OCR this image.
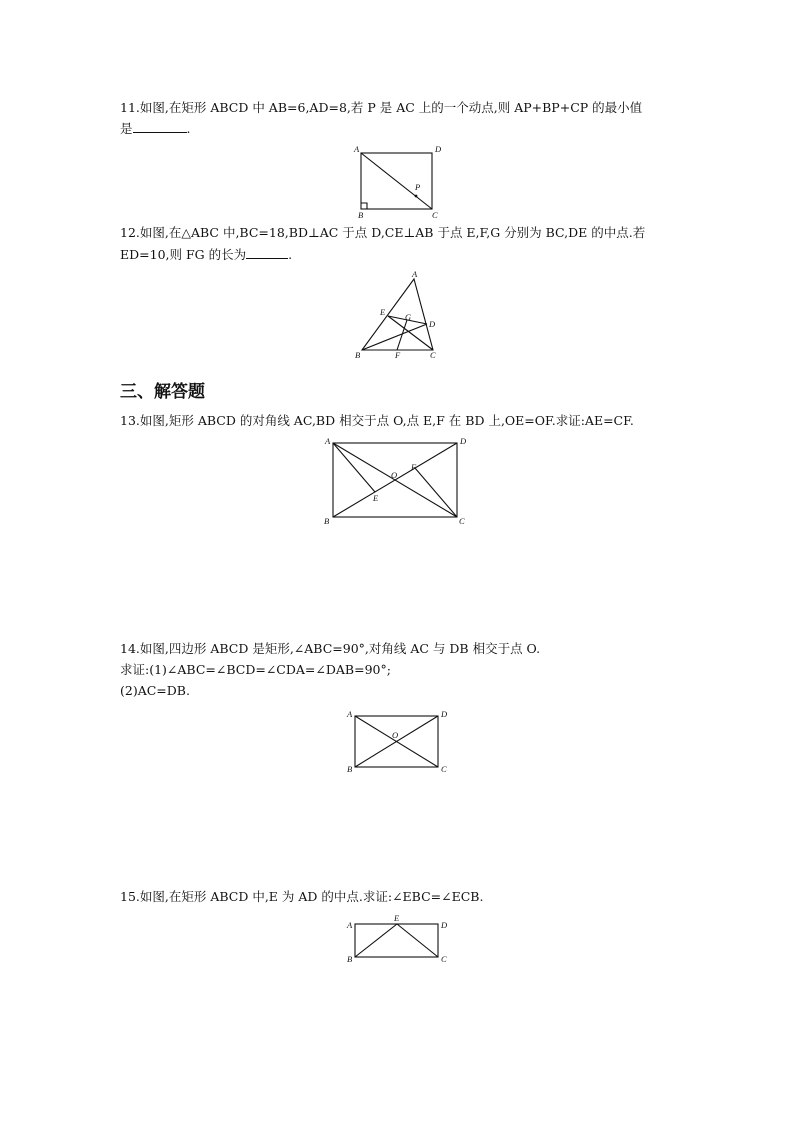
11.如图,在矩形 ABCD 中 AB=6,AD=8,若 P 是 AC 上的一个动点,则 AP+BP+CP 的最小值
是	.
12.如图,在△ABC 中,BC=18,BD⊥AC 于点 D,CE⊥AB 于点 E,F,G 分别为 BC,DE 的中点.若
ED=10,则 FG 的长为	.
三、解答题
13.如图,矩形 ABCD 的对角线 AC,BD 相交于点 O,点 E,F 在 BD 上,OE=OF.求证:AE=CF.
14.如图,四边形 ABCD 是矩形,∠ABC=90°,对角线 AC 与 DB 相交于点 O.
求证:(1)∠ABC=∠BCD=∠CDA=∠DAB=90°;
(2)AC=DB.
15.如图,在矩形 ABCD 中,E 为 AD 的中点.求证:∠EBC=∠ECB.
A	D
B	C
P
A
E G
D
B	F	C
A	D
B	C
O
F
E
A	D
B	C
O
A
E
D
B	C
